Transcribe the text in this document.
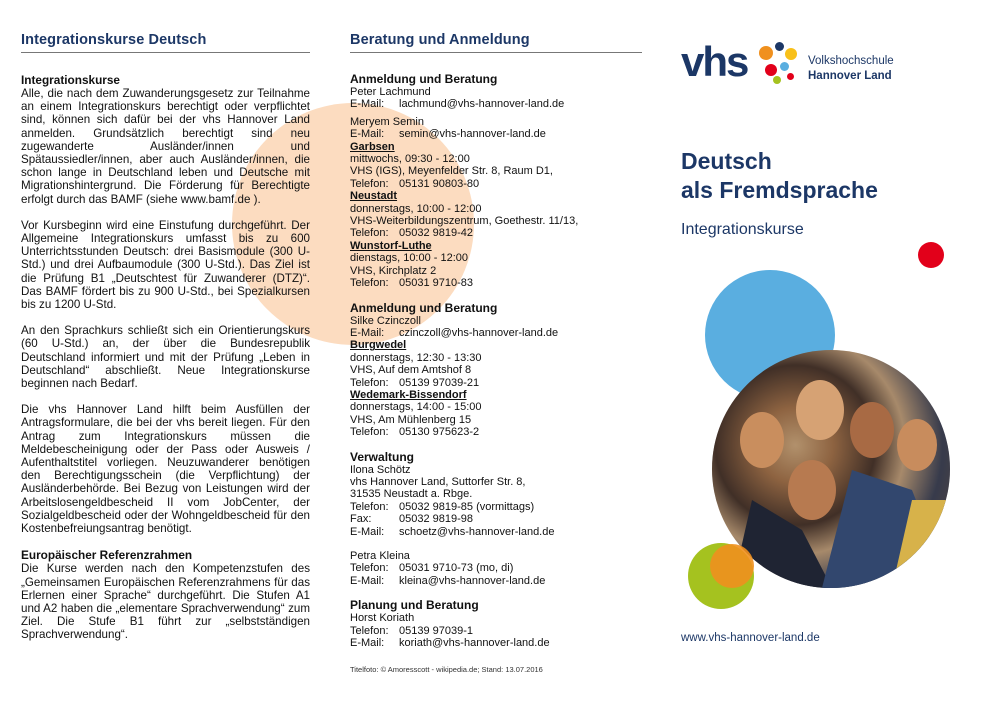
Integrationskurse Deutsch

Integrationskurse

Alle, die nach dem Zuwanderungsgesetz zur Teilnahme an einem Integrationskurs berechtigt oder verpflichtet sind, können sich dafür bei der vhs Hannover Land anmelden. Grundsätzlich berechtigt sind neu zugewanderte Ausländer/innen und Spätaussiedler/innen, aber auch Ausländer/innen, die schon lange in Deutschland leben und Deutsche mit Migrationshintergrund. Die Förderung für Berechtigte erfolgt durch das BAMF (siehe www.bamf.de ).

Vor Kursbeginn wird eine Einstufung durchgeführt. Der Allgemeine Integrationskurs umfasst bis zu 600 Unterrichtsstunden Deutsch: drei Basismodule (300 U-Std.) und drei Aufbaumodule (300 U-Std.). Das Ziel ist die Prüfung B1 „Deutschtest für Zuwanderer (DTZ)“. Das BAMF fördert bis zu 900 U-Std., bei Spezialkursen bis zu 1200 U-Std.

An den Sprachkurs schließt sich ein Orientierungskurs (60 U-Std.) an, der über die Bundesrepublik Deutschland informiert und mit der Prüfung „Leben in Deutschland“ abschließt. Neue Integrationskurse beginnen nach Bedarf.

Die vhs Hannover Land hilft beim Ausfüllen der Antragsformulare, die bei der vhs bereit liegen. Für den Antrag zum Integrationskurs müssen die Meldebescheinigung oder der Pass oder Ausweis / Aufenthaltstitel vorliegen. Neuzuwanderer benötigen den Berechtigungsschein (die Verpflichtung) der Ausländerbehörde. Bei Bezug von Leistungen wird der Arbeitslosengeldbescheid II vom JobCenter, der Sozialgeldbescheid oder der Wohngeldbescheid für den Kostenbefreiungsantrag benötigt.

Europäischer Referenzrahmen

Die Kurse werden nach den Kompetenzstufen des „Gemeinsamen Europäischen Referenzrahmens für das Erlernen einer Sprache“ durchgeführt. Die Stufen A1 und A2 haben die „elementare Sprachverwendung“ zum Ziel. Die Stufe B1 führt zur „selbstständigen Sprachverwendung“.

Beratung und Anmeldung
Anmeldung und Beratung
Peter Lachmund
E-Mail:	lachmund@vhs-hannover-land.de
Meryem Semin
E-Mail:	semin@vhs-hannover-land.de
Garbsen
mittwochs, 09:30 - 12:00
VHS (IGS), Meyenfelder Str. 8, Raum D1,
Telefon: 05131 90803-80
Neustadt
donnerstags, 10:00 - 12:00
VHS-Weiterbildungszentrum, Goethestr. 11/13,
Telefon: 05032 9819-42
Wunstorf-Luthe
dienstags, 10:00 - 12:00
VHS, Kirchplatz 2
Telefon: 05031 9710-83
Anmeldung und Beratung
Silke Czinczoll
E-Mail:	czinczoll@vhs-hannover-land.de
Burgwedel
donnerstags, 12:30 - 13:30
VHS, Auf dem Amtshof 8
Telefon: 05139 97039-21
Wedemark-Bissendorf
donnerstags, 14:00 - 15:00
VHS, Am Mühlenberg 15
Telefon: 05130 975623-2
Verwaltung
Ilona Schötz
vhs Hannover Land, Suttorfer Str. 8,
31535 Neustadt a. Rbge.
Telefon: 05032 9819-85 (vormittags)
Fax:	05032 9819-98
E-Mail:	schoetz@vhs-hannover-land.de
Petra Kleina
Telefon: 05031 9710-73 (mo, di)
E-Mail:	kleina@vhs-hannover-land.de
Planung und Beratung
Horst Koriath
Telefon: 05139 97039-1
E-Mail:	koriath@vhs-hannover-land.de
Titelfoto: © Amoresscott - wikipedia.de; Stand: 13.07.2016
vhs	Volkshochschule
Hannover Land
Deutsch
als Fremdsprache
Integrationskurse
www.vhs-hannover-land.de
